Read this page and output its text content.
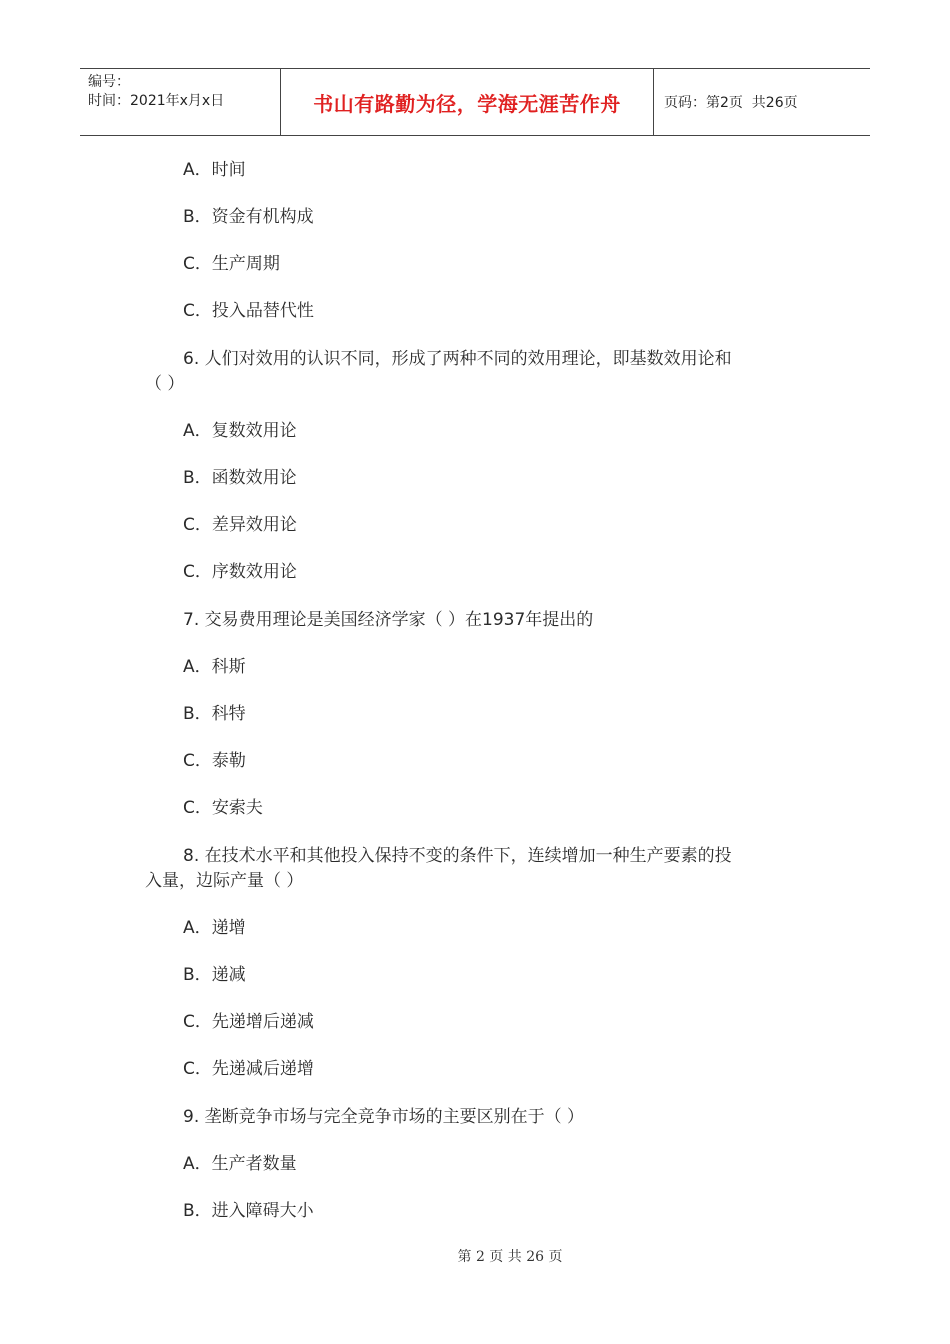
编号：
时间：2021年x月x日	书山有路勤为径，学海无涯苦作舟	页码：第2页  共26页
A．时间
B．资金有机构成
C．生产周期
C．投入品替代性
6. 人们对效用的认识不同，形成了两种不同的效用理论，即基数效用论和
（ ）
A．复数效用论
B．函数效用论
C．差异效用论
C．序数效用论
7. 交易费用理论是美国经济学家（ ）在1937年提出的
A．科斯
B．科特
C．泰勒
C．安索夫
8. 在技术水平和其他投入保持不变的条件下，连续增加一种生产要素的投
入量，边际产量（ ）
A．递增
B．递减
C．先递增后递减
C．先递减后递增
9. 垄断竞争市场与完全竞争市场的主要区别在于（ ）
A．生产者数量
B．进入障碍大小
第 2 页 共 26 页
